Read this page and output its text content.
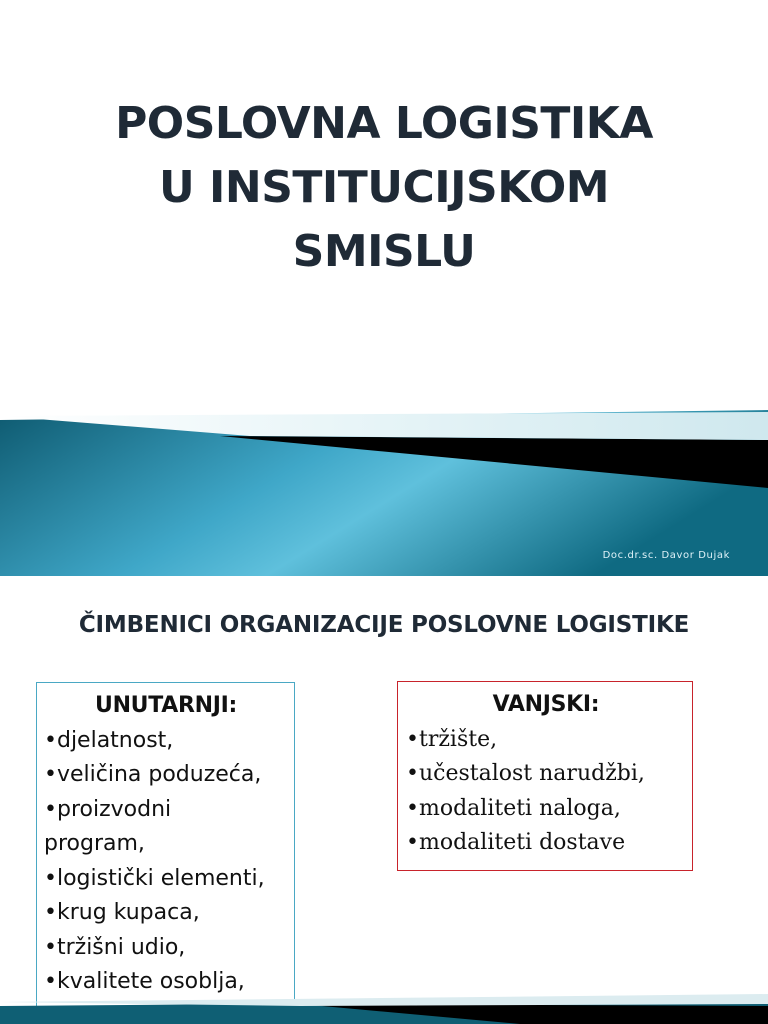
POSLOVNA LOGISTIKA
U INSTITUCIJSKOM
SMISLU
Doc.dr.sc. Davor Dujak
ČIMBENICI ORGANIZACIJE POSLOVNE LOGISTIKE
UNUTARNJI:
•djelatnost,
•veličina poduzeća,
•proizvodni program,
•logistički elementi,
•krug kupaca,
•tržišni udio,
•kvalitete osoblja,
VANJSKI:
•tržište,
•učestalost narudžbi,
•modaliteti naloga,
•modaliteti dostave
